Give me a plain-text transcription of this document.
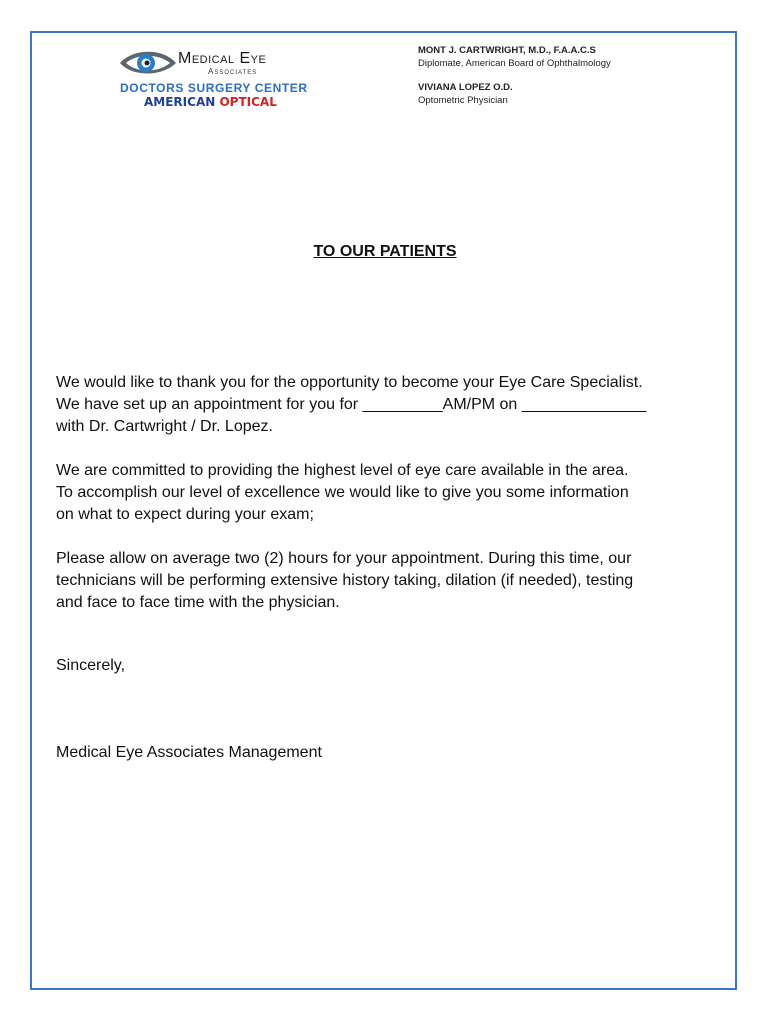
Medical Eye
Associates
DOCTORS SURGERY CENTER
AMERICAN OPTICAL

MONT J. CARTWRIGHT, M.D., F.A.A.C.S

Diplomate, American Board of Ophthalmology

VIVIANA LOPEZ O.D.

Optometric Physician

TO OUR PATIENTS

We would like to thank you for the opportunity to become your Eye Care Specialist.
We have set up an appointment for you for _________AM/PM on ______________
with Dr. Cartwright / Dr. Lopez.

We are committed to providing the highest level of eye care available in the area.
To accomplish our level of excellence we would like to give you some information
on what to expect during your exam;

Please allow on average two (2) hours for your appointment. During this time, our
technicians will be performing extensive history taking, dilation (if needed), testing
and face to face time with the physician.

Sincerely,

Medical Eye Associates Management
